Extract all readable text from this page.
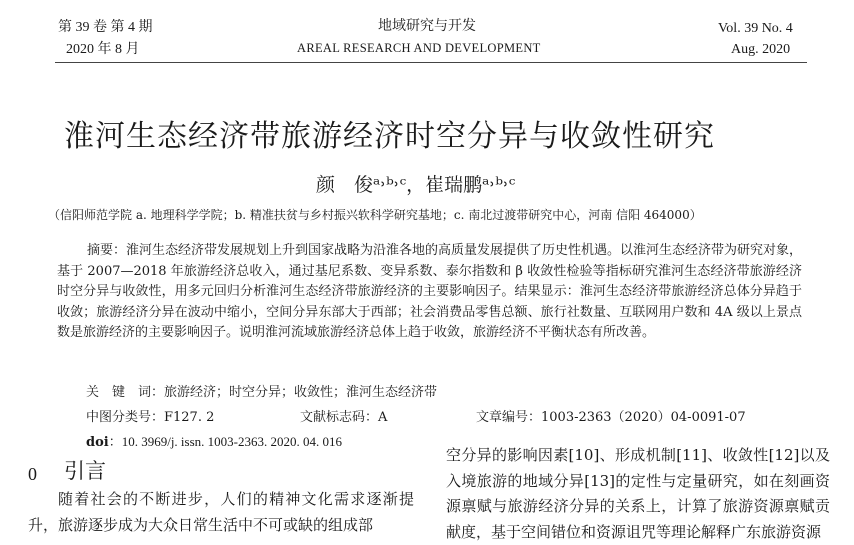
第 39 卷 第 4 期
2020 年 8 月
地域研究与开发
AREAL RESEARCH AND DEVELOPMENT
Vol. 39 No. 4
Aug. 2020
淮河生态经济带旅游经济时空分异与收敛性研究
颜　俊ᵃ˒ᵇ˒ᶜ，崔瑞鹏ᵃ˒ᵇ˒ᶜ
（信阳师范学院 a. 地理科学学院；b. 精准扶贫与乡村振兴软科学研究基地；c. 南北过渡带研究中心，河南 信阳 464000）

摘要：淮河生态经济带发展规划上升到国家战略为沿淮各地的高质量发展提供了历史性机遇。以淮河生态经济带为研究对象，基于 2007—2018 年旅游经济总收入，通过基尼系数、变异系数、泰尔指数和 β 收敛性检验等指标研究淮河生态经济带旅游经济时空分异与收敛性，用多元回归分析淮河生态经济带旅游经济的主要影响因子。结果显示：淮河生态经济带旅游经济总体分异趋于收敛；旅游经济分异在波动中缩小，空间分异东部大于西部；社会消费品零售总额、旅行社数量、互联网用户数和 4A 级以上景点数是旅游经济的主要影响因子。说明淮河流域旅游经济总体上趋于收敛，旅游经济不平衡状态有所改善。

关　键　词：旅游经济；时空分异；收敛性；淮河生态经济带
中图分类号：F127. 2	文献标志码：A	文章编号：1003-2363（2020）04-0091-07
doi：10. 3969/j. issn. 1003-2363. 2020. 04. 016
0 引言

随着社会的不断进步，人们的精神文化需求逐渐提升，旅游逐步成为大众日常生活中不可或缺的组成部

空分异的影响因素[10]、形成机制[11]、收敛性[12]以及入境旅游的地域分异[13]的定性与定量研究，如在刻画资源禀赋与旅游经济分异的关系上，计算了旅游资源禀赋贡献度，基于空间错位和资源诅咒等理论解释广东旅游资源
